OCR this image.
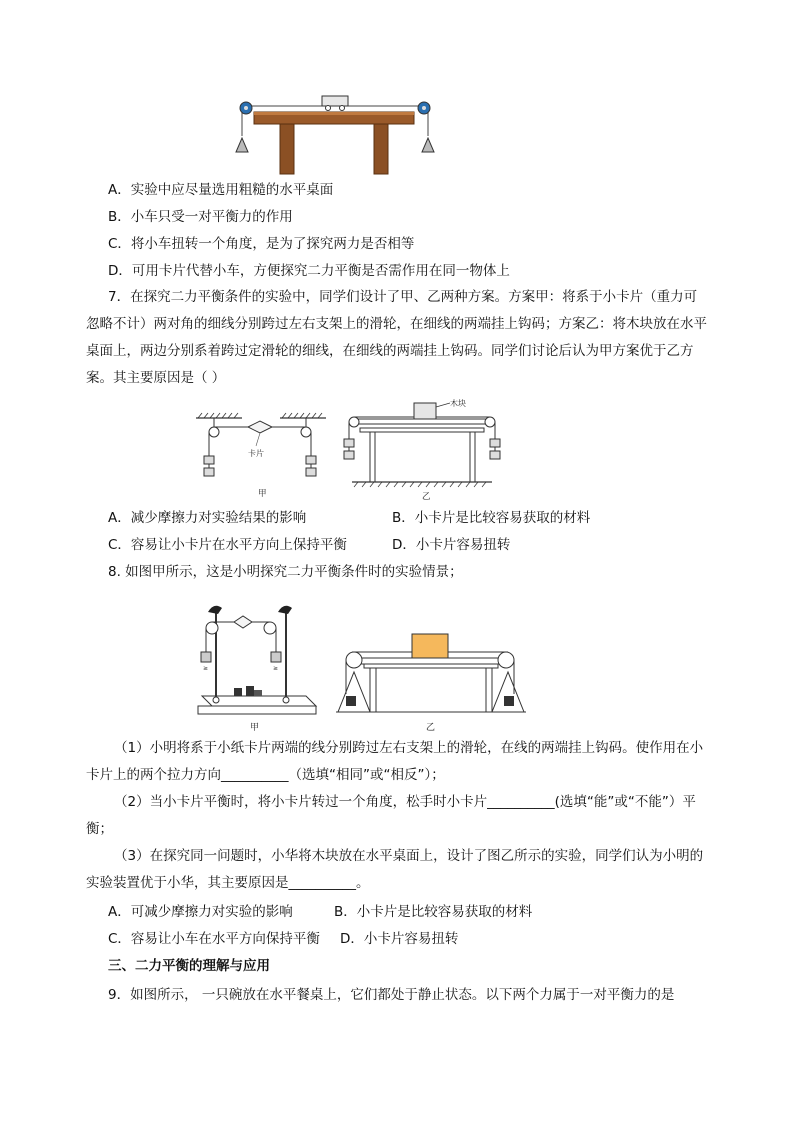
A．实验中应尽量选用粗糙的水平桌面
B．小车只受一对平衡力的作用
C．将小车扭转一个角度，是为了探究两力是否相等
D．可用卡片代替小车，方便探究二力平衡是否需作用在同一物体上
7．在探究二力平衡条件的实验中，同学们设计了甲、乙两种方案。方案甲：将系于小卡片（重力可忽略不计）两对角的细线分别跨过左右支架上的滑轮，在细线的两端挂上钩码；方案乙：将木块放在水平桌面上，两边分别系着跨过定滑轮的细线，在细线的两端挂上钩码。同学们讨论后认为甲方案优于乙方案。其主要原因是（ ）
卡片
甲
木块
乙
A．减少摩擦力对实验结果的影响	B．小卡片是比较容易获取的材料
C．容易让小卡片在水平方向上保持平衡	D．小卡片容易扭转
8. 如图甲所示，这是小明探究二力平衡条件时的实验情景；
≥	≥
甲	乙
（1）小明将系于小纸卡片两端的线分别跨过左右支架上的滑轮，在线的两端挂上钩码。使作用在小卡片上的两个拉力方向__________（选填“相同”或“相反”）；
（2）当小卡片平衡时，将小卡片转过一个角度，松手时小卡片__________(选填“能”或“不能”）平衡；
（3）在探究同一问题时，小华将木块放在水平桌面上，设计了图乙所示的实验，同学们认为小明的实验装置优于小华，其主要原因是__________。
A．可减少摩擦力对实验的影响	B．小卡片是比较容易获取的材料
C．容易让小车在水平方向保持平衡 D．小卡片容易扭转
三、二力平衡的理解与应用
9．如图所示， 一只碗放在水平餐桌上，它们都处于静止状态。以下两个力属于一对平衡力的是
